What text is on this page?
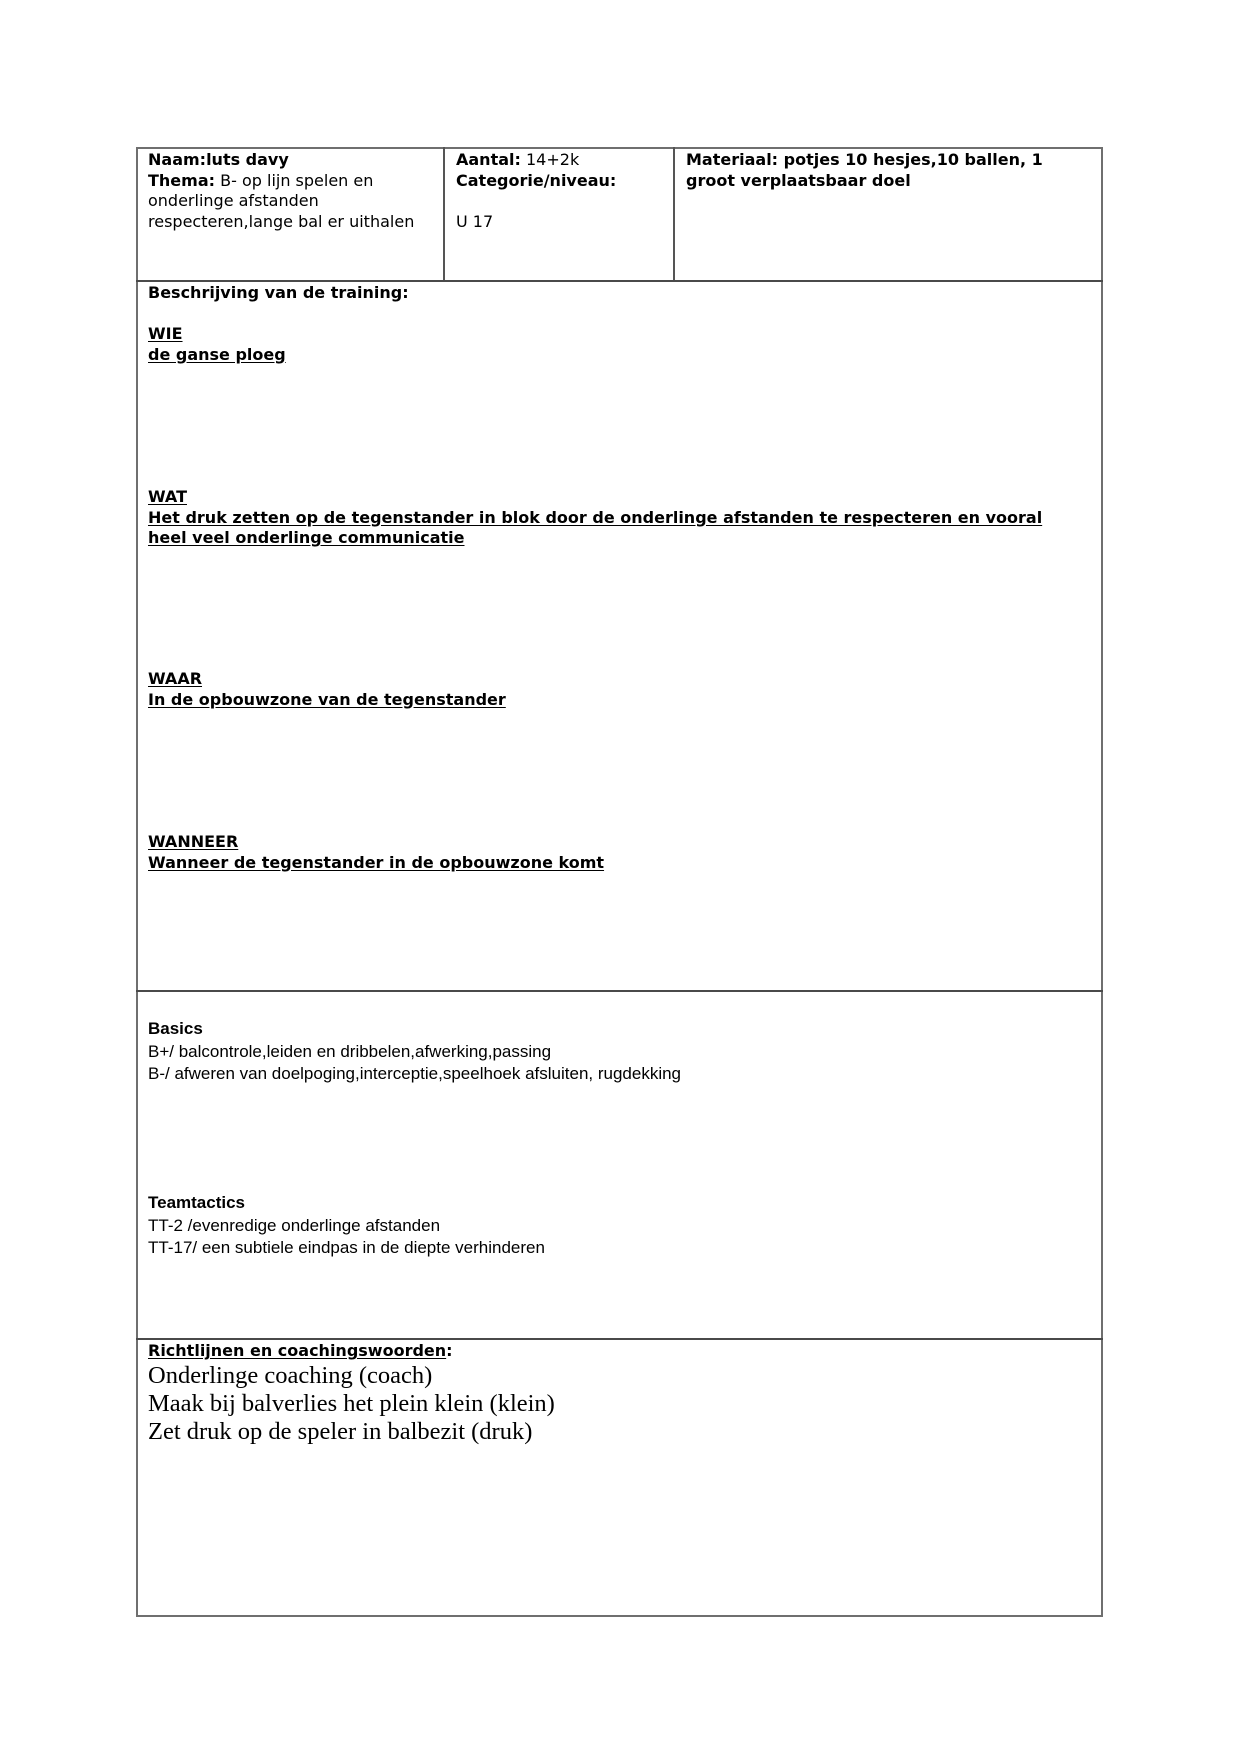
Naam:luts davy
Thema: B- op lijn spelen en
onderlinge afstanden
respecteren,lange bal er uithalen
Aantal: 14+2k
Categorie/niveau:
U 17
Materiaal: potjes 10 hesjes,10 ballen, 1
groot verplaatsbaar doel
Beschrijving van de training:
WIE
de ganse ploeg
WAT
Het druk zetten op de tegenstander in blok door de onderlinge afstanden te respecteren en vooral
heel veel onderlinge communicatie
WAAR
In de opbouwzone van de tegenstander
WANNEER
Wanneer de tegenstander in de opbouwzone komt
Basics
B+/ balcontrole,leiden en dribbelen,afwerking,passing
B-/ afweren van doelpoging,interceptie,speelhoek afsluiten, rugdekking
Teamtactics
TT-2 /evenredige onderlinge afstanden
TT-17/ een subtiele eindpas in de diepte verhinderen
Richtlijnen en coachingswoorden:
Onderlinge coaching (coach)
Maak bij balverlies het plein klein (klein)
Zet druk op de speler in balbezit (druk)
